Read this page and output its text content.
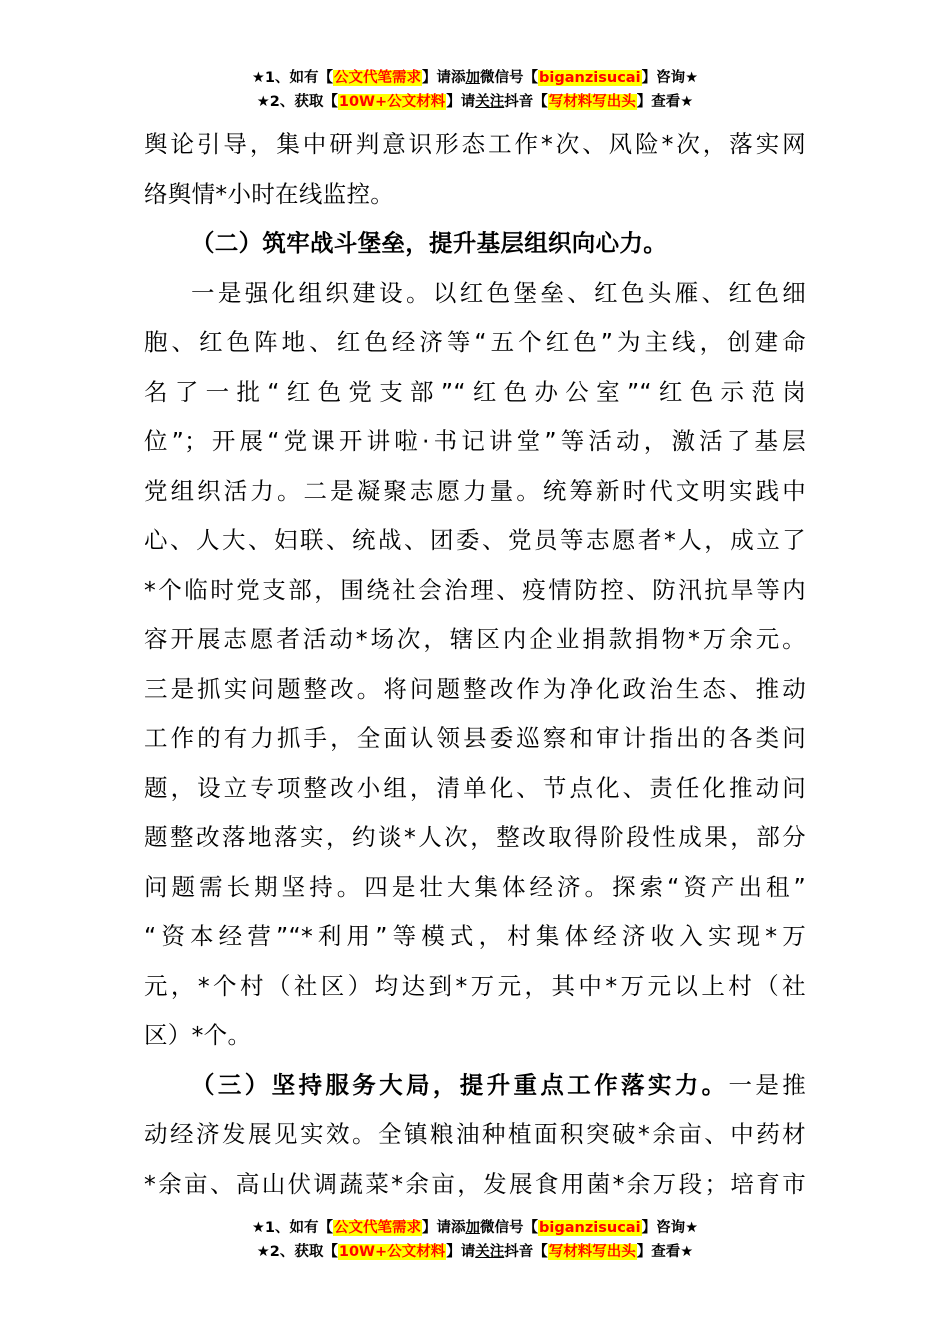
★1、如有【公文代笔需求】请添加微信号【biganzisucai】咨询★
★2、获取【10W+公文材料】请关注抖音【写材料写出头】查看★
舆论引导，集中研判意识形态工作*次、风险*次，落实网
络舆情*小时在线监控。
（二）筑牢战斗堡垒，提升基层组织向心力。
一是强化组织建设。以红色堡垒、红色头雁、红色细
胞、红色阵地、红色经济等“五个红色”为主线，创建命
名了一批“红色党支部”“红色办公室”“红色示范岗
位”；开展“党课开讲啦·书记讲堂”等活动，激活了基层
党组织活力。二是凝聚志愿力量。统筹新时代文明实践中
心、人大、妇联、统战、团委、党员等志愿者*人，成立了
*个临时党支部，围绕社会治理、疫情防控、防汛抗旱等内
容开展志愿者活动*场次，辖区内企业捐款捐物*万余元。
三是抓实问题整改。将问题整改作为净化政治生态、推动
工作的有力抓手，全面认领县委巡察和审计指出的各类问
题，设立专项整改小组，清单化、节点化、责任化推动问
题整改落地落实，约谈*人次，整改取得阶段性成果，部分
问题需长期坚持。四是壮大集体经济。探索“资产出租”
“资本经营”“*利用”等模式，村集体经济收入实现*万
元，*个村（社区）均达到*万元，其中*万元以上村（社
区）*个。
（三）坚持服务大局，提升重点工作落实力。一是推
动经济发展见实效。全镇粮油种植面积突破*余亩、中药材
*余亩、高山伏调蔬菜*余亩，发展食用菌*余万段；培育市
★1、如有【公文代笔需求】请添加微信号【biganzisucai】咨询★
★2、获取【10W+公文材料】请关注抖音【写材料写出头】查看★
